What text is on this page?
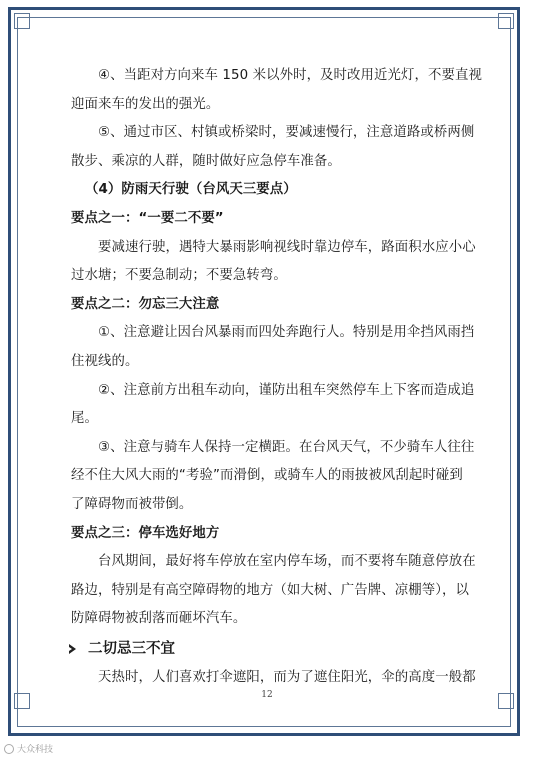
④、当距对方向来车 150 米以外时，及时改用近光灯，不要直视
迎面来车的发出的强光。
⑤、通过市区、村镇或桥梁时，要减速慢行，注意道路或桥两侧
散步、乘凉的人群，随时做好应急停车准备。
（4）防雨天行驶（台风天三要点）
要点之一：“一要二不要”
要减速行驶，遇特大暴雨影响视线时靠边停车，路面积水应小心
过水塘；不要急制动；不要急转弯。
要点之二：勿忘三大注意
①、注意避让因台风暴雨而四处奔跑行人。特别是用伞挡风雨挡
住视线的。
②、注意前方出租车动向，谨防出租车突然停车上下客而造成追
尾。
③、注意与骑车人保持一定横距。在台风天气，不少骑车人往往
经不住大风大雨的“考验”而滑倒，或骑车人的雨披被风刮起时碰到
了障碍物而被带倒。
要点之三：停车选好地方
台风期间，最好将车停放在室内停车场，而不要将车随意停放在
路边，特别是有高空障碍物的地方（如大树、广告牌、凉棚等），以
防障碍物被刮落而砸坏汽车。
二切忌三不宜
天热时，人们喜欢打伞遮阳，而为了遮住阳光，伞的高度一般都
12
大众科技
